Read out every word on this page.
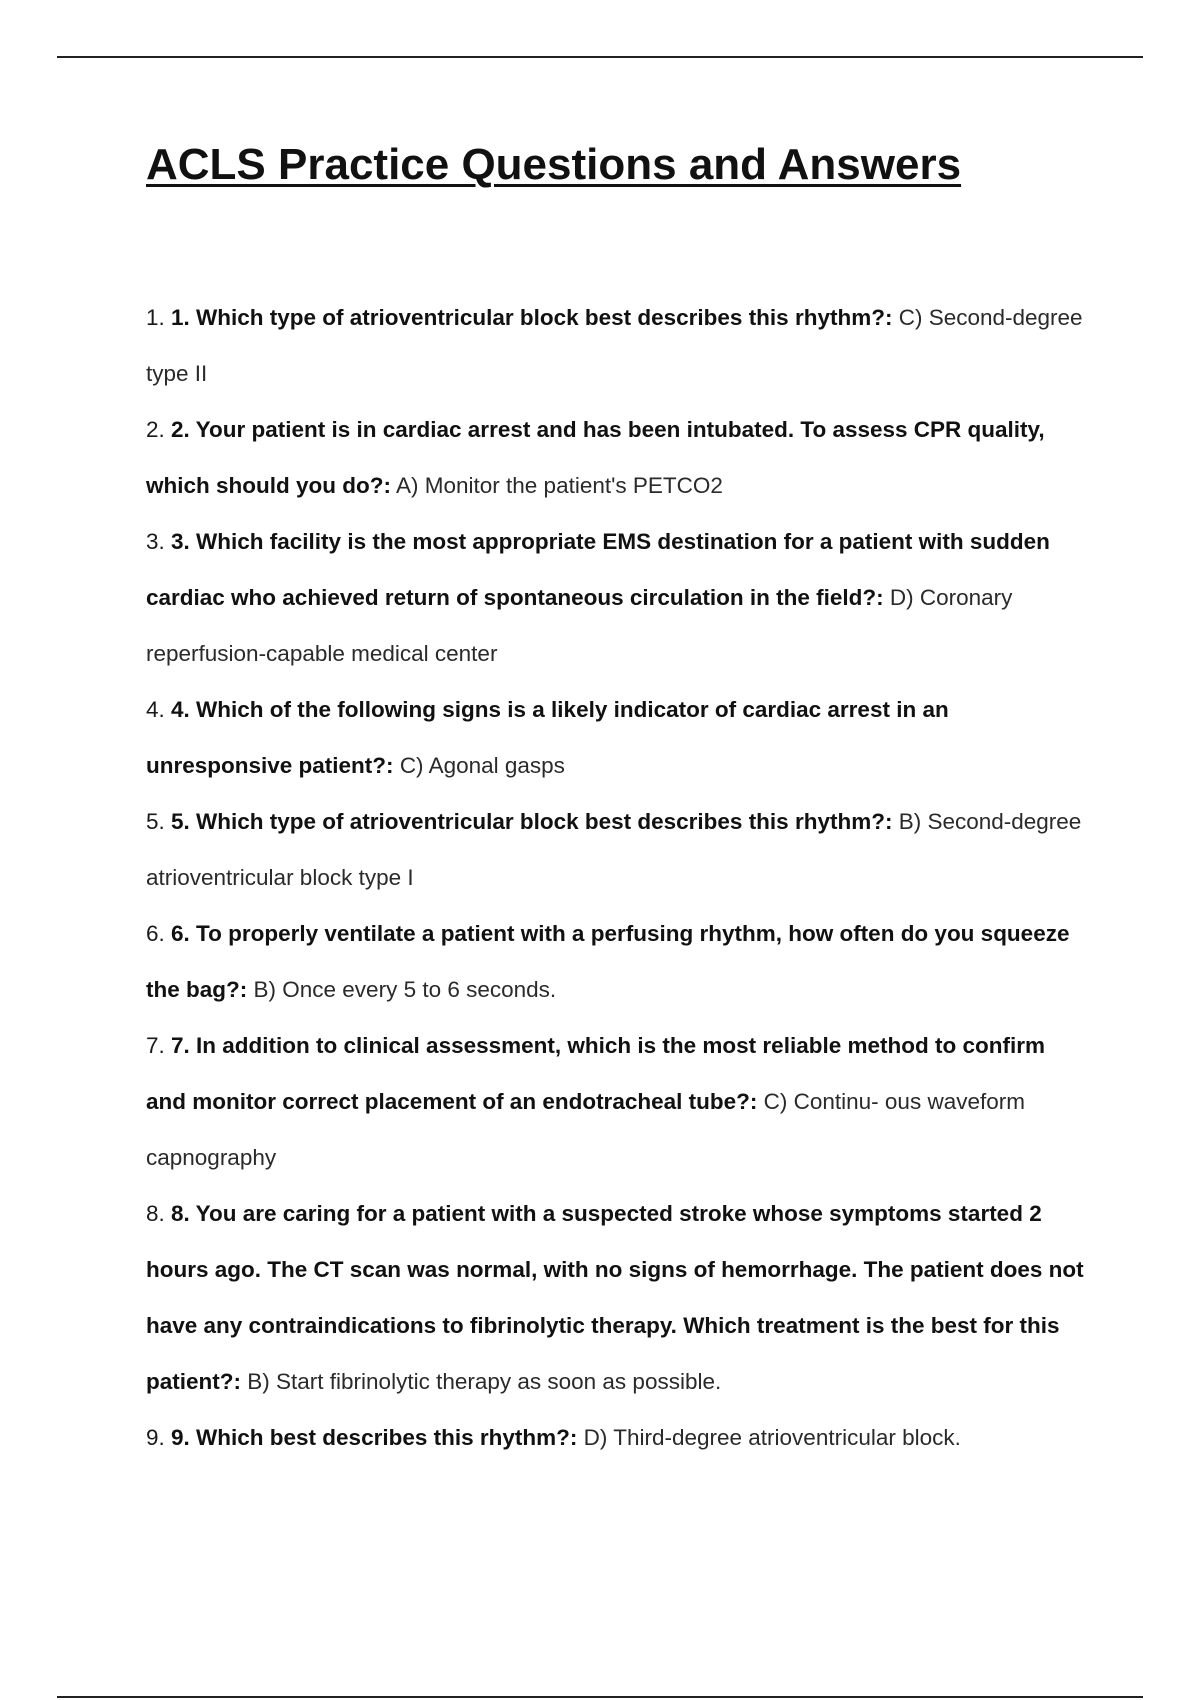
ACLS Practice Questions and Answers
1. 1. Which type of atrioventricular block best describes this rhythm?: C) Second-degree type II
2. 2. Your patient is in cardiac arrest and has been intubated. To assess CPR quality, which should you do?: A) Monitor the patient's PETCO2
3. 3. Which facility is the most appropriate EMS destination for a patient with sudden cardiac who achieved return of spontaneous circulation in the field?: D) Coronary reperfusion-capable medical center
4. 4. Which of the following signs is a likely indicator of cardiac arrest in an unresponsive patient?: C) Agonal gasps
5. 5. Which type of atrioventricular block best describes this rhythm?: B) Second-degree atrioventricular block type I
6. 6. To properly ventilate a patient with a perfusing rhythm, how often do you squeeze the bag?: B) Once every 5 to 6 seconds.
7. 7. In addition to clinical assessment, which is the most reliable method to confirm and monitor correct placement of an endotracheal tube?: C) Continu- ous waveform capnography
8. 8. You are caring for a patient with a suspected stroke whose symptoms started 2 hours ago. The CT scan was normal, with no signs of hemorrhage. The patient does not have any contraindications to fibrinolytic therapy. Which treatment is the best for this patient?: B) Start fibrinolytic therapy as soon as possible.
9. 9. Which best describes this rhythm?: D) Third-degree atrioventricular block.
